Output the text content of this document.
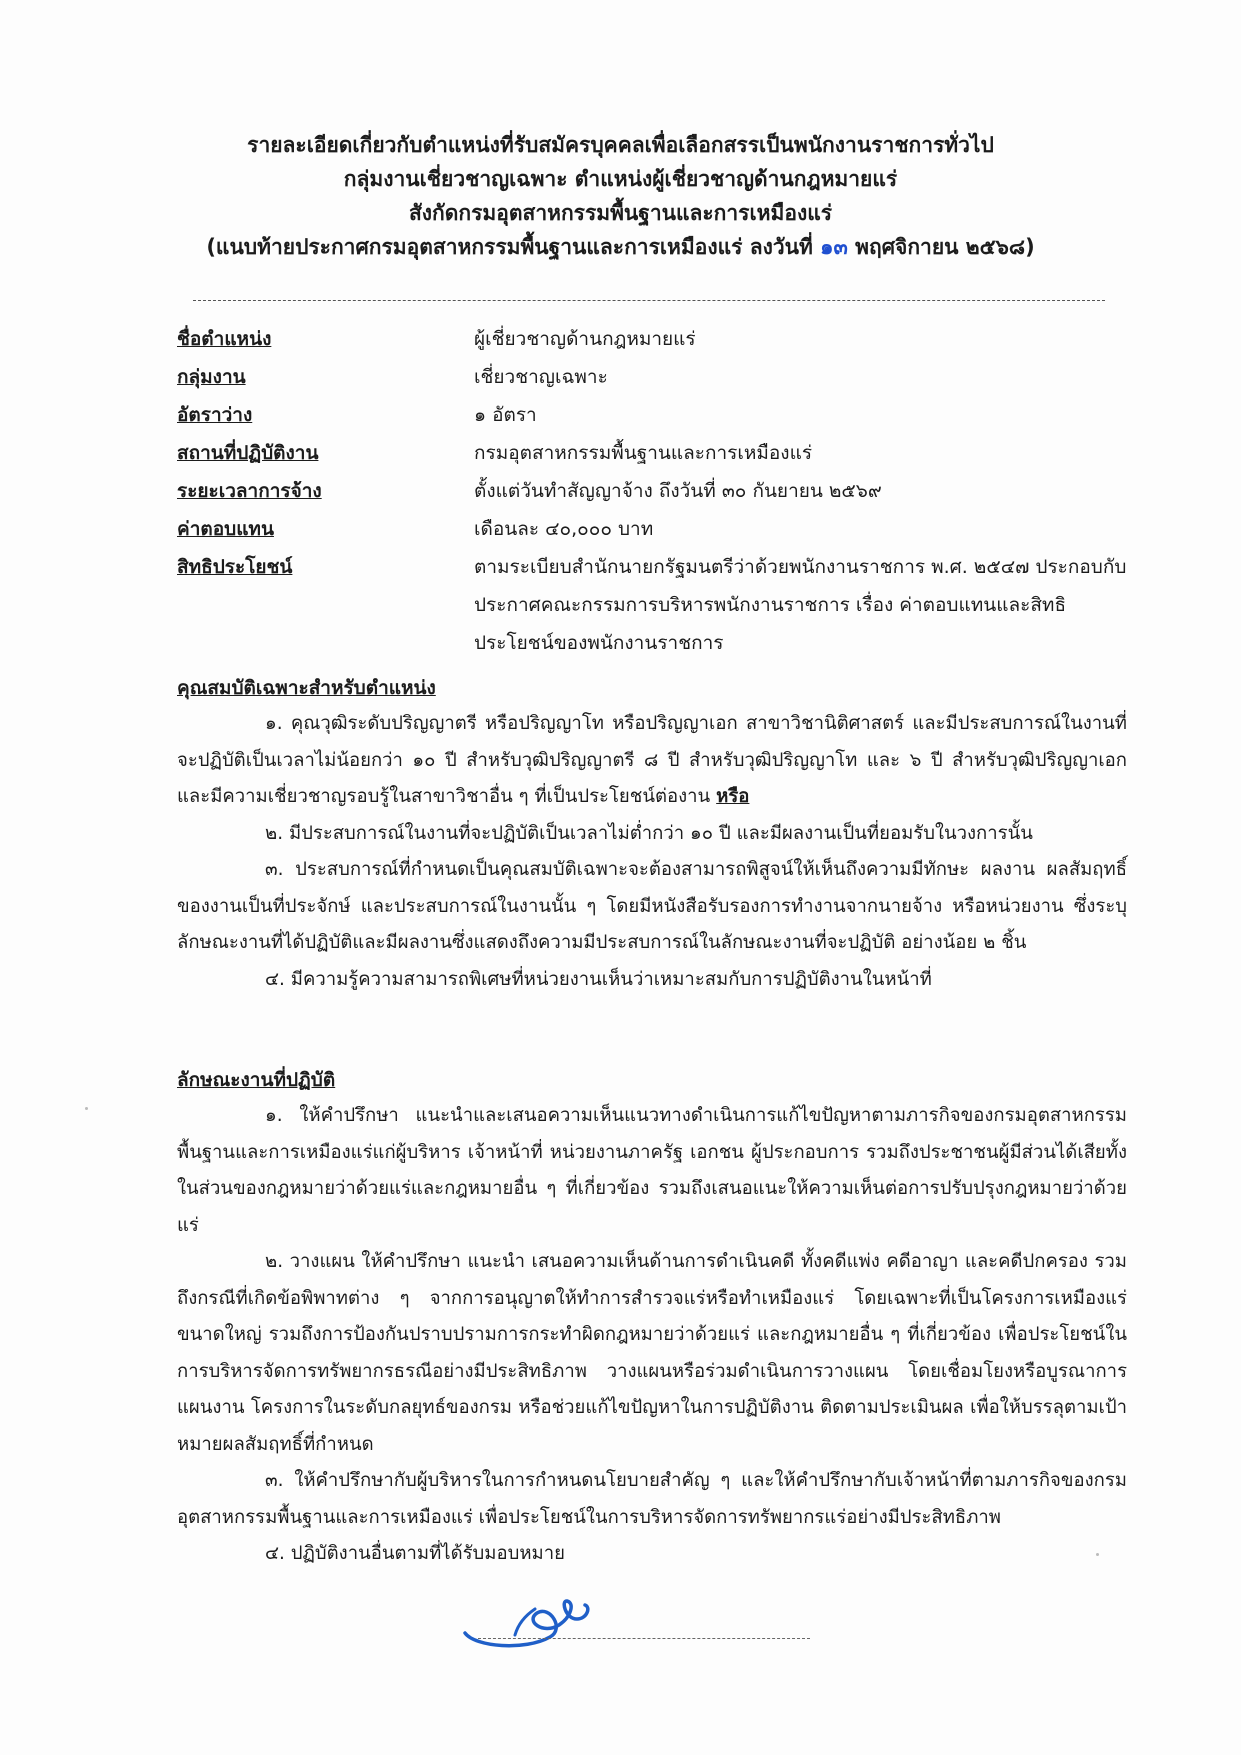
รายละเอียดเกี่ยวกับตำแหน่งที่รับสมัครบุคคลเพื่อเลือกสรรเป็นพนักงานราชการทั่วไป
กลุ่มงานเชี่ยวชาญเฉพาะ ตำแหน่งผู้เชี่ยวชาญด้านกฎหมายแร่
สังกัดกรมอุตสาหกรรมพื้นฐานและการเหมืองแร่
(แนบท้ายประกาศกรมอุตสาหกรรมพื้นฐานและการเหมืองแร่ ลงวันที่ ๑๓ พฤศจิกายน ๒๕๖๘)
ชื่อตำแหน่ง	ผู้เชี่ยวชาญด้านกฎหมายแร่
กลุ่มงาน	เชี่ยวชาญเฉพาะ
อัตราว่าง	๑ อัตรา
สถานที่ปฏิบัติงาน	กรมอุตสาหกรรมพื้นฐานและการเหมืองแร่
ระยะเวลาการจ้าง	ตั้งแต่วันทำสัญญาจ้าง ถึงวันที่ ๓๐ กันยายน ๒๕๖๙
ค่าตอบแทน	เดือนละ ๔๐,๐๐๐ บาท
สิทธิประโยชน์	ตามระเบียบสำนักนายกรัฐมนตรีว่าด้วยพนักงานราชการ พ.ศ. ๒๕๔๗ ประกอบกับประกาศคณะกรรมการบริหารพนักงานราชการ เรื่อง ค่าตอบแทนและสิทธิประโยชน์ของพนักงานราชการ
คุณสมบัติเฉพาะสำหรับตำแหน่ง

๑. คุณวุฒิระดับปริญญาตรี หรือปริญญาโท หรือปริญญาเอก สาขาวิชานิติศาสตร์ และมีประสบการณ์ในงานที่จะปฏิบัติเป็นเวลาไม่น้อยกว่า ๑๐ ปี สำหรับวุฒิปริญญาตรี ๘ ปี สำหรับวุฒิปริญญาโท และ ๖ ปี สำหรับวุฒิปริญญาเอก และมีความเชี่ยวชาญรอบรู้ในสาขาวิชาอื่น ๆ ที่เป็นประโยชน์ต่องาน หรือ

๒. มีประสบการณ์ในงานที่จะปฏิบัติเป็นเวลาไม่ต่ำกว่า ๑๐ ปี และมีผลงานเป็นที่ยอมรับในวงการนั้น

๓. ประสบการณ์ที่กำหนดเป็นคุณสมบัติเฉพาะจะต้องสามารถพิสูจน์ให้เห็นถึงความมีทักษะ ผลงาน ผลสัมฤทธิ์ของงานเป็นที่ประจักษ์ และประสบการณ์ในงานนั้น ๆ โดยมีหนังสือรับรองการทำงานจากนายจ้าง หรือหน่วยงาน ซึ่งระบุลักษณะงานที่ได้ปฏิบัติและมีผลงานซึ่งแสดงถึงความมีประสบการณ์ในลักษณะงานที่จะปฏิบัติ อย่างน้อย ๒ ชิ้น

๔. มีความรู้ความสามารถพิเศษที่หน่วยงานเห็นว่าเหมาะสมกับการปฏิบัติงานในหน้าที่

ลักษณะงานที่ปฏิบัติ

๑. ให้คำปรึกษา แนะนำและเสนอความเห็นแนวทางดำเนินการแก้ไขปัญหาตามภารกิจของกรมอุตสาหกรรมพื้นฐานและการเหมืองแร่แก่ผู้บริหาร เจ้าหน้าที่ หน่วยงานภาครัฐ เอกชน ผู้ประกอบการ รวมถึงประชาชนผู้มีส่วนได้เสียทั้งในส่วนของกฎหมายว่าด้วยแร่และกฎหมายอื่น ๆ ที่เกี่ยวข้อง รวมถึงเสนอแนะให้ความเห็นต่อการปรับปรุงกฎหมายว่าด้วยแร่

๒. วางแผน ให้คำปรึกษา แนะนำ เสนอความเห็นด้านการดำเนินคดี ทั้งคดีแพ่ง คดีอาญา และคดีปกครอง รวมถึงกรณีที่เกิดข้อพิพาทต่าง ๆ จากการอนุญาตให้ทำการสำรวจแร่หรือทำเหมืองแร่ โดยเฉพาะที่เป็นโครงการเหมืองแร่ขนาดใหญ่ รวมถึงการป้องกันปราบปรามการกระทำผิดกฎหมายว่าด้วยแร่ และกฎหมายอื่น ๆ ที่เกี่ยวข้อง เพื่อประโยชน์ในการบริหารจัดการทรัพยากรธรณีอย่างมีประสิทธิภาพ วางแผนหรือร่วมดำเนินการวางแผน โดยเชื่อมโยงหรือบูรณาการแผนงาน โครงการในระดับกลยุทธ์ของกรม หรือช่วยแก้ไขปัญหาในการปฏิบัติงาน ติดตามประเมินผล เพื่อให้บรรลุตามเป้าหมายผลสัมฤทธิ์ที่กำหนด

๓. ให้คำปรึกษากับผู้บริหารในการกำหนดนโยบายสำคัญ ๆ และให้คำปรึกษากับเจ้าหน้าที่ตามภารกิจของกรมอุตสาหกรรมพื้นฐานและการเหมืองแร่ เพื่อประโยชน์ในการบริหารจัดการทรัพยากรแร่อย่างมีประสิทธิภาพ

๔. ปฏิบัติงานอื่นตามที่ได้รับมอบหมาย
